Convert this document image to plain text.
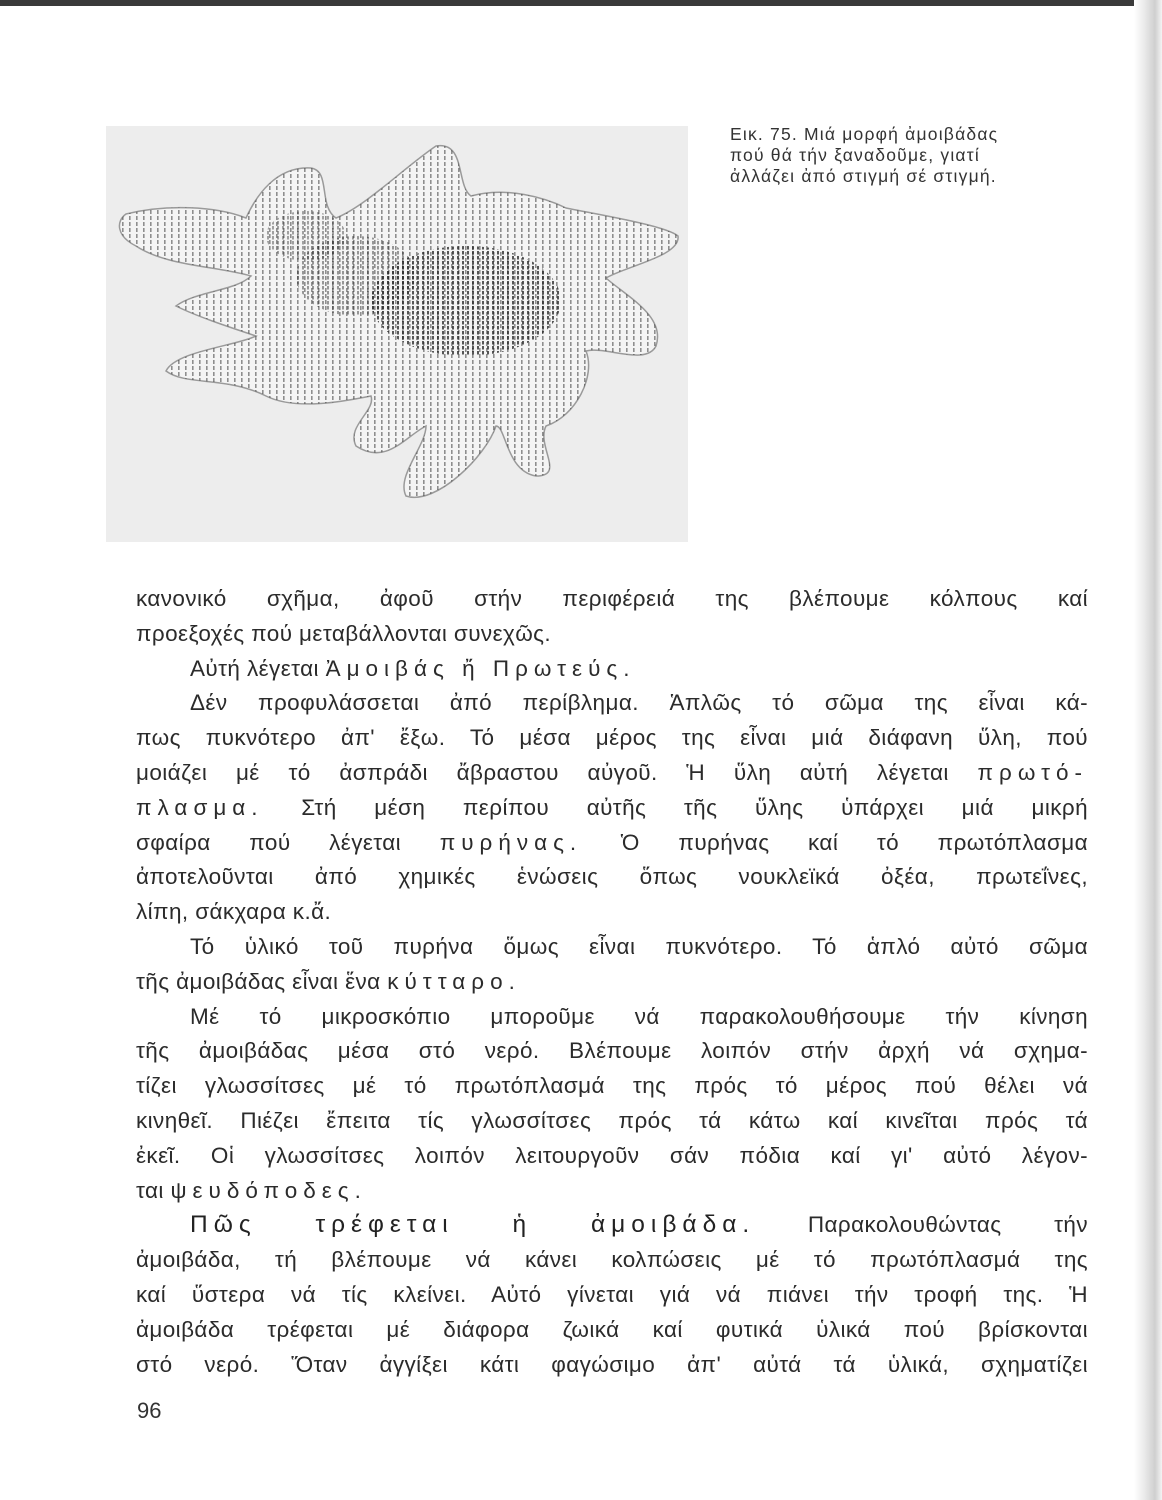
Εικ. 75. Μιά μορφή ἀμοιβάδας
πού θά τήν ξαναδοῦμε, γιατί
ἀλλάζει ἀπό στιγμή σέ στιγμή.
κανονικό σχῆμα, ἀφοῦ στήν περιφέρειά της βλέπουμε κόλπους καί
προεξοχές πού μεταβάλλονται συνεχῶς.
Αὐτή λέγεται Ἀμοιβάς ἤ Πρωτεύς.
Δέν προφυλάσσεται ἀπό περίβλημα. Ἁπλῶς τό σῶμα της εἶναι κά-
πως πυκνότερο ἀπ' ἔξω. Τό μέσα μέρος της εἶναι μιά διάφανη ὕλη, πού
μοιάζει μέ τό ἀσπράδι ἄβραστου αὐγοῦ. Ἡ ὕλη αὐτή λέγεται πρωτό-
πλασμα. Στή μέση περίπου αὐτῆς τῆς ὕλης ὑπάρχει μιά μικρή
σφαίρα πού λέγεται πυρήνας. Ὁ πυρήνας καί τό πρωτόπλασμα
ἀποτελοῦνται ἀπό χημικές ἑνώσεις ὅπως νουκλεϊκά ὀξέα, πρωτεΐνες,
λίπη, σάκχαρα κ.ἄ.
Τό ὑλικό τοῦ πυρήνα ὅμως εἶναι πυκνότερο. Τό ἁπλό αὐτό σῶμα
τῆς ἀμοιβάδας εἶναι ἕνα κύτταρο.
Μέ τό μικροσκόπιο μποροῦμε νά παρακολουθήσουμε τήν κίνηση
τῆς ἀμοιβάδας μέσα στό νερό. Βλέπουμε λοιπόν στήν ἀρχή νά σχημα-
τίζει γλωσσίτσες μέ τό πρωτόπλασμά της πρός τό μέρος πού θέλει νά
κινηθεῖ. Πιέζει ἔπειτα τίς γλωσσίτσες πρός τά κάτω καί κινεῖται πρός τά
ἐκεῖ. Οἱ γλωσσίτσες λοιπόν λειτουργοῦν σάν πόδια καί γι' αὐτό λέγον-
ται ψευδόποδες.
Πῶς τρέφεται ἡ ἀμοιβάδα. Παρακολουθώντας τήν
ἀμοιβάδα, τή βλέπουμε νά κάνει κολπώσεις μέ τό πρωτόπλασμά της
καί ὕστερα νά τίς κλείνει. Αὐτό γίνεται γιά νά πιάνει τήν τροφή της. Ἡ
ἀμοιβάδα τρέφεται μέ διάφορα ζωικά καί φυτικά ὑλικά πού βρίσκονται
στό νερό. Ὅταν ἀγγίξει κάτι φαγώσιμο ἀπ' αὐτά τά ὑλικά, σχηματίζει
96
